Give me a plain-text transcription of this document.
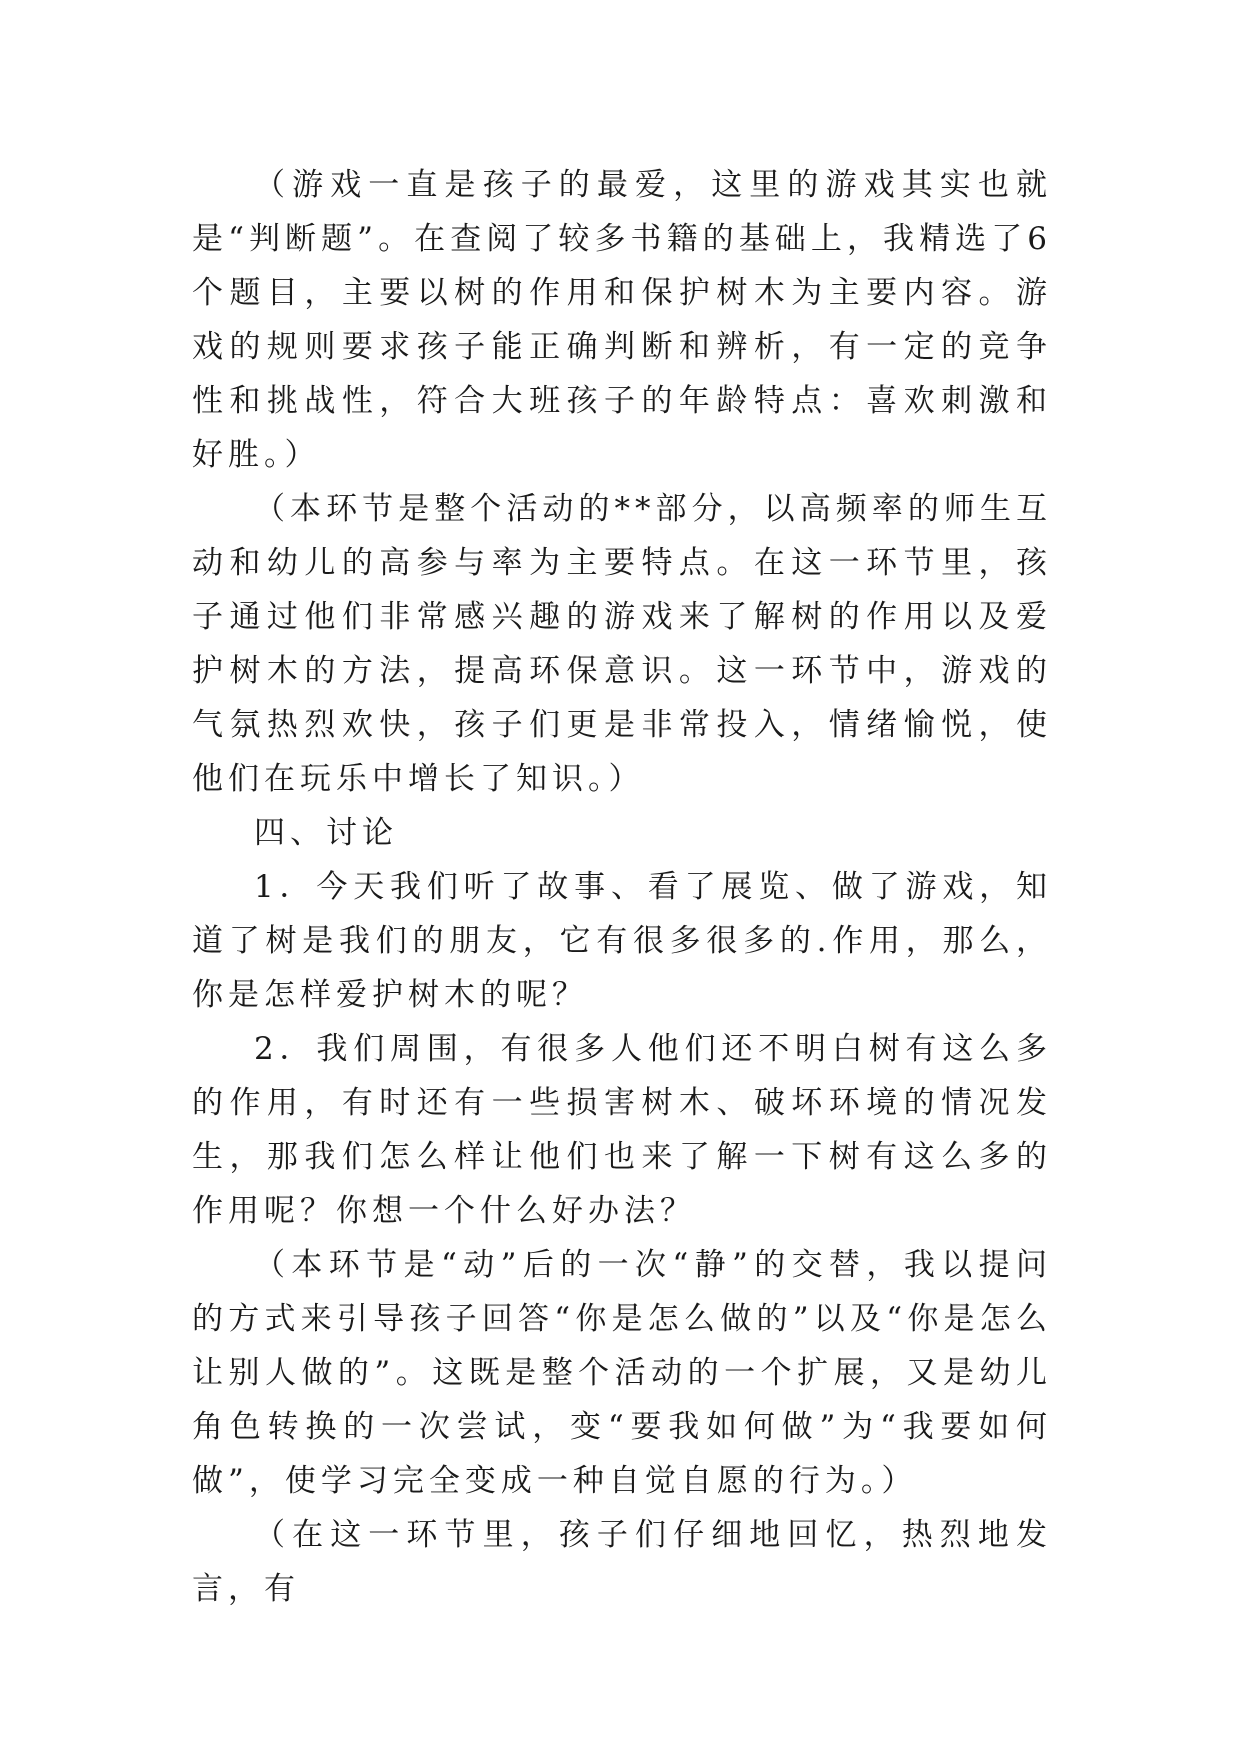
（游戏一直是孩子的最爱，这里的游戏其实也就是“判断题”。在查阅了较多书籍的基础上，我精选了6个题目，主要以树的作用和保护树木为主要内容。游戏的规则要求孩子能正确判断和辨析，有一定的竞争性和挑战性，符合大班孩子的年龄特点：喜欢刺激和好胜。）

（本环节是整个活动的**部分，以高频率的师生互动和幼儿的高参与率为主要特点。在这一环节里，孩子通过他们非常感兴趣的游戏来了解树的作用以及爱护树木的方法，提高环保意识。这一环节中，游戏的气氛热烈欢快，孩子们更是非常投入，情绪愉悦，使他们在玩乐中增长了知识。）

四、讨论

1．今天我们听了故事、看了展览、做了游戏，知道了树是我们的朋友，它有很多很多的.作用，那么，你是怎样爱护树木的呢？

2．我们周围，有很多人他们还不明白树有这么多的作用，有时还有一些损害树木、破坏环境的情况发生，那我们怎么样让他们也来了解一下树有这么多的作用呢？你想一个什么好办法？

（本环节是“动”后的一次“静”的交替，我以提问的方式来引导孩子回答“你是怎么做的”以及“你是怎么让别人做的”。这既是整个活动的一个扩展，又是幼儿角色转换的一次尝试，变“要我如何做”为“我要如何做”，使学习完全变成一种自觉自愿的行为。）

（在这一环节里，孩子们仔细地回忆，热烈地发言，有
